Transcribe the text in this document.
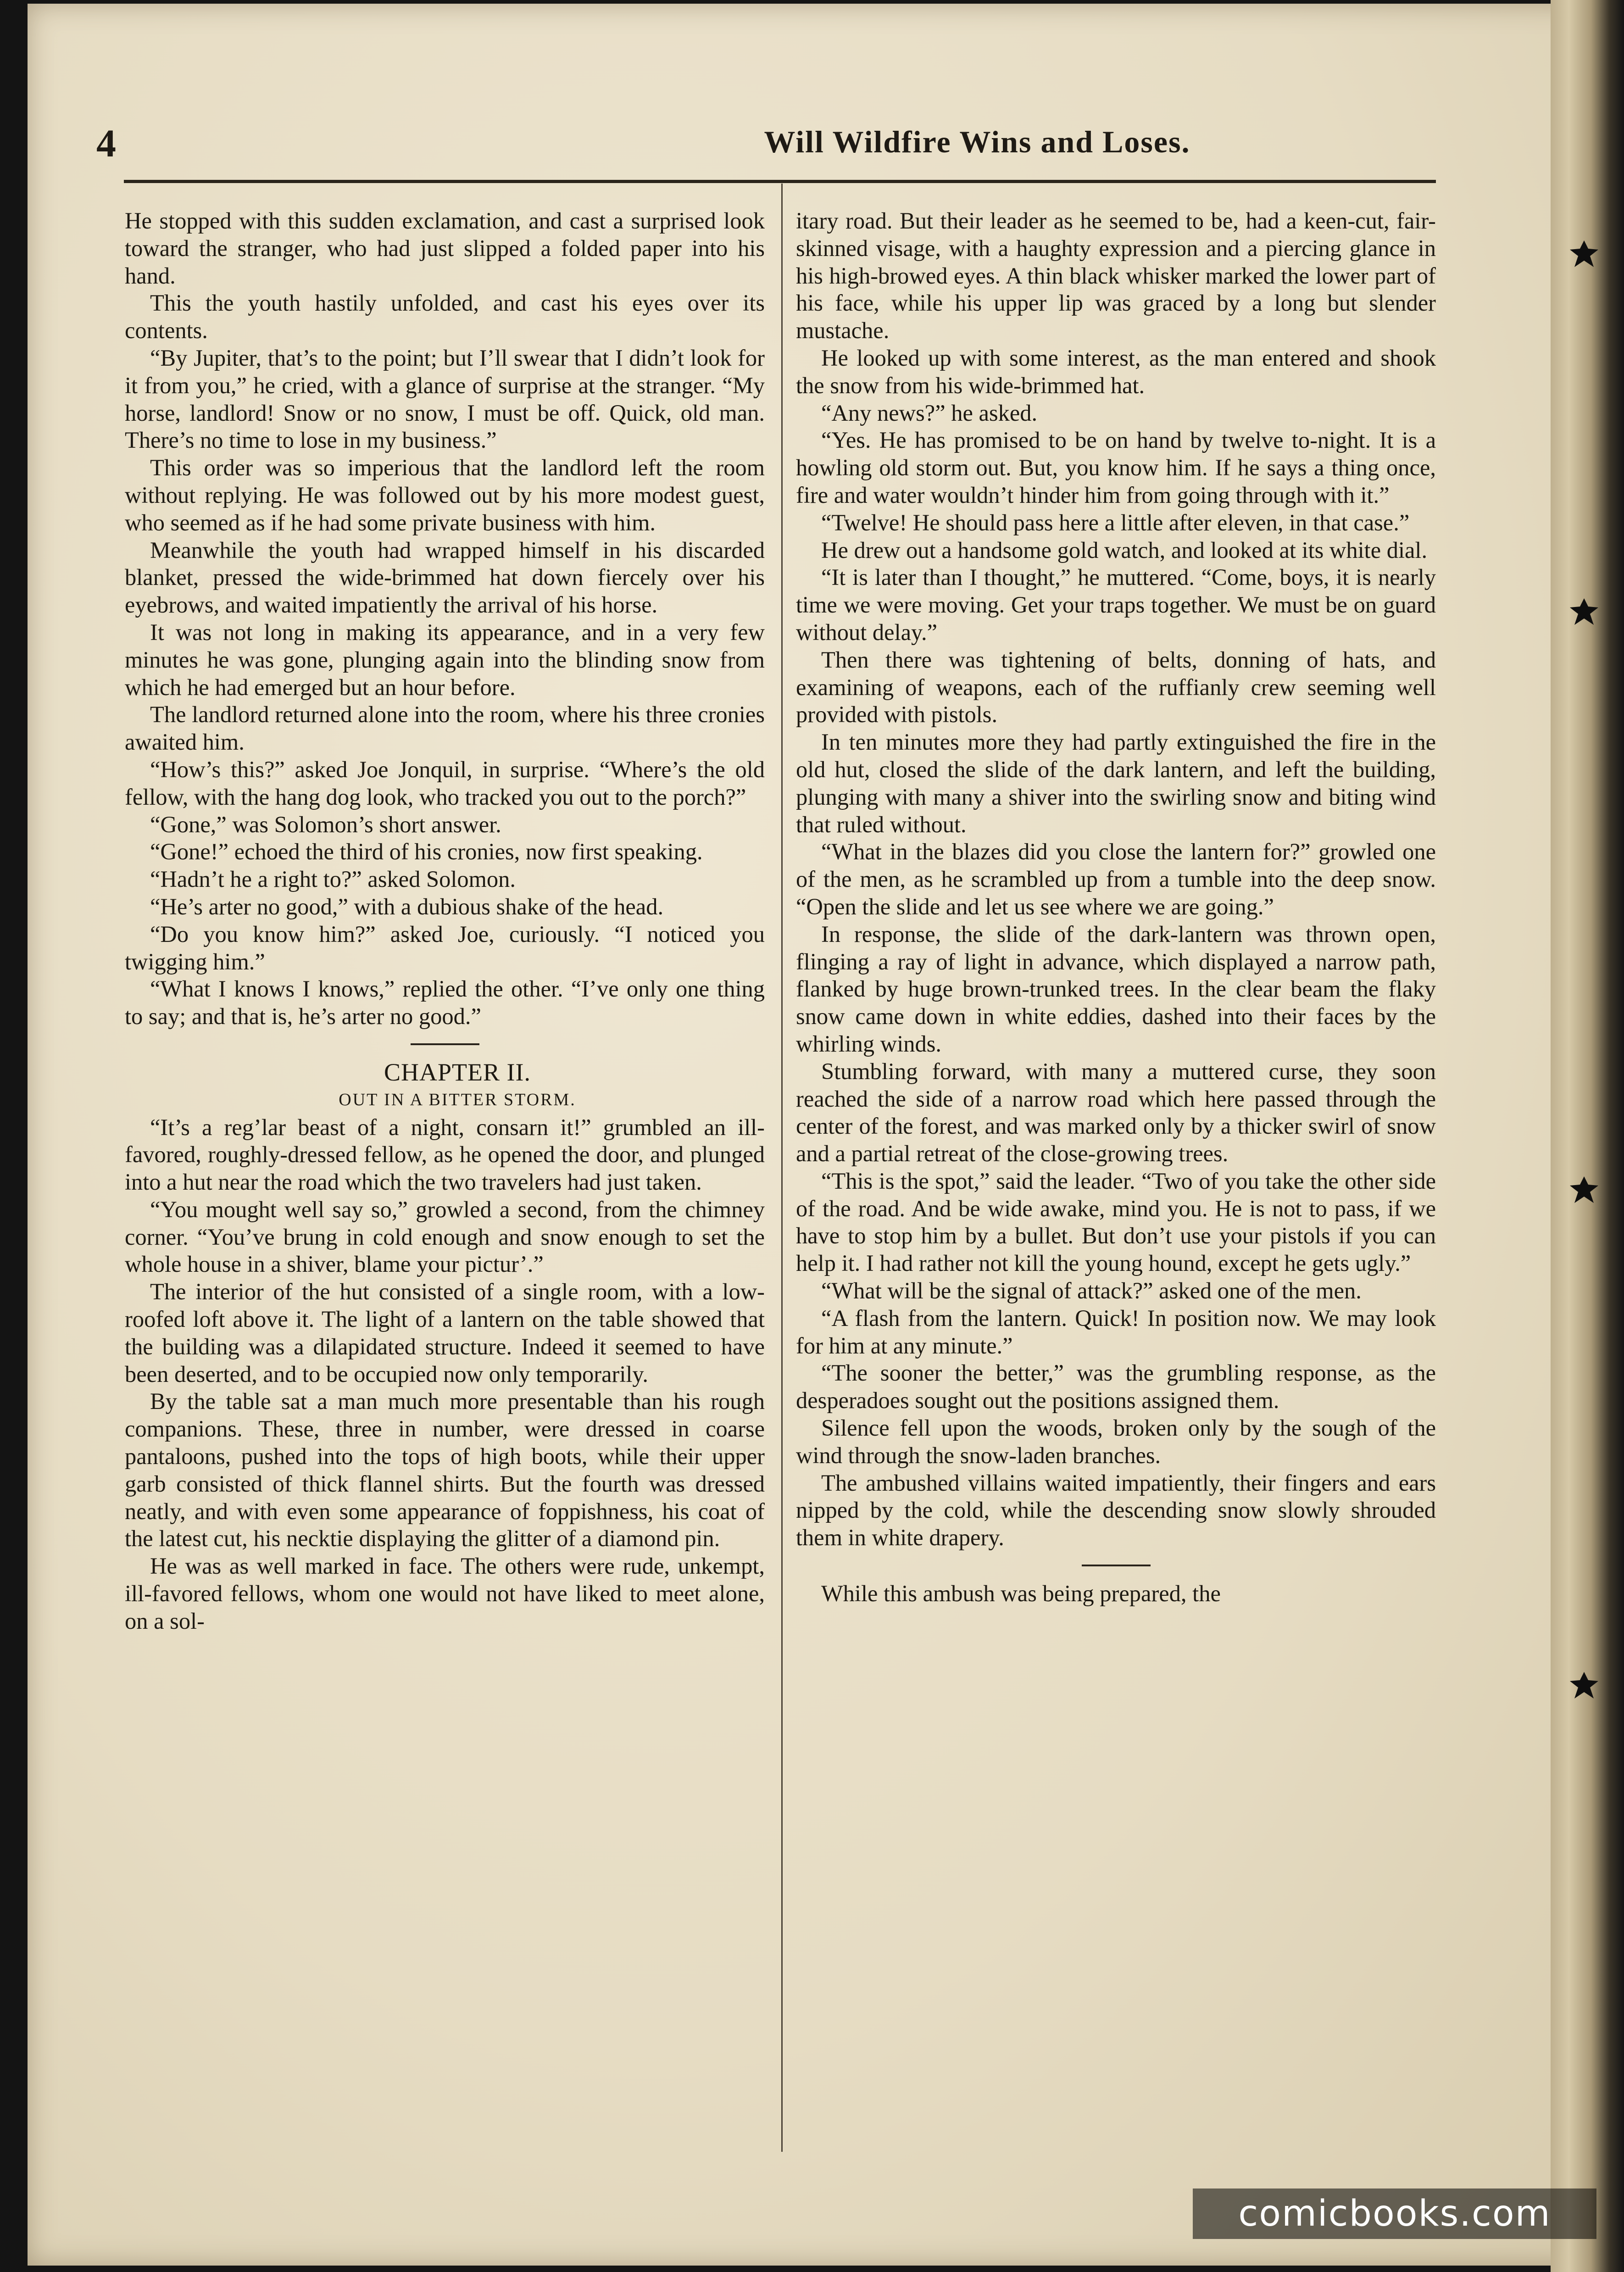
4	Will Wildfire Wins and Loses.

He stopped with this sudden exclamation, and cast a surprised look toward the stranger, who had just slipped a folded paper into his hand.

This the youth hastily unfolded, and cast his eyes over its contents.

“By Jupiter, that’s to the point; but I’ll swear that I didn’t look for it from you,” he cried, with a glance of surprise at the stranger. “My horse, landlord! Snow or no snow, I must be off. Quick, old man. There’s no time to lose in my business.”

This order was so imperious that the landlord left the room without replying. He was followed out by his more modest guest, who seemed as if he had some private business with him.

Meanwhile the youth had wrapped himself in his discarded blanket, pressed the wide-brimmed hat down fiercely over his eyebrows, and waited impatiently the arrival of his horse.

It was not long in making its appearance, and in a very few minutes he was gone, plunging again into the blinding snow from which he had emerged but an hour before.

The landlord returned alone into the room, where his three cronies awaited him.

“How’s this?” asked Joe Jonquil, in surprise. “Where’s the old fellow, with the hang dog look, who tracked you out to the porch?”

“Gone,” was Solomon’s short answer.

“Gone!” echoed the third of his cronies, now first speaking.

“Hadn’t he a right to?” asked Solomon.

“He’s arter no good,” with a dubious shake of the head.

“Do you know him?” asked Joe, curiously. “I noticed you twigging him.”

“What I knows I knows,” replied the other. “I’ve only one thing to say; and that is, he’s arter no good.”

CHAPTER II.

OUT IN A BITTER STORM.

“It’s a reg’lar beast of a night, consarn it!” grumbled an ill-favored, roughly-dressed fellow, as he opened the door, and plunged into a hut near the road which the two travelers had just taken.

“You mought well say so,” growled a second, from the chimney corner. “You’ve brung in cold enough and snow enough to set the whole house in a shiver, blame your pictur’.”

The interior of the hut consisted of a single room, with a low-roofed loft above it. The light of a lantern on the table showed that the building was a dilapidated structure. Indeed it seemed to have been deserted, and to be occupied now only temporarily.

By the table sat a man much more presentable than his rough companions. These, three in number, were dressed in coarse pantaloons, pushed into the tops of high boots, while their upper garb consisted of thick flannel shirts. But the fourth was dressed neatly, and with even some appearance of foppishness, his coat of the latest cut, his necktie displaying the glitter of a diamond pin.

He was as well marked in face. The others were rude, unkempt, ill-favored fellows, whom one would not have liked to meet alone, on a sol-

itary road. But their leader as he seemed to be, had a keen-cut, fair-skinned visage, with a haughty expression and a piercing glance in his high-browed eyes. A thin black whisker marked the lower part of his face, while his upper lip was graced by a long but slender mustache.

He looked up with some interest, as the man entered and shook the snow from his wide-brimmed hat.

“Any news?” he asked.

“Yes. He has promised to be on hand by twelve to-night. It is a howling old storm out. But, you know him. If he says a thing once, fire and water wouldn’t hinder him from going through with it.”

“Twelve! He should pass here a little after eleven, in that case.”

He drew out a handsome gold watch, and looked at its white dial.

“It is later than I thought,” he muttered. “Come, boys, it is nearly time we were moving. Get your traps together. We must be on guard without delay.”

Then there was tightening of belts, donning of hats, and examining of weapons, each of the ruffianly crew seeming well provided with pistols.

In ten minutes more they had partly extinguished the fire in the old hut, closed the slide of the dark lantern, and left the building, plunging with many a shiver into the swirling snow and biting wind that ruled without.

“What in the blazes did you close the lantern for?” growled one of the men, as he scrambled up from a tumble into the deep snow. “Open the slide and let us see where we are going.”

In response, the slide of the dark-lantern was thrown open, flinging a ray of light in advance, which displayed a narrow path, flanked by huge brown-trunked trees. In the clear beam the flaky snow came down in white eddies, dashed into their faces by the whirling winds.

Stumbling forward, with many a muttered curse, they soon reached the side of a narrow road which here passed through the center of the forest, and was marked only by a thicker swirl of snow and a partial retreat of the close-growing trees.

“This is the spot,” said the leader. “Two of you take the other side of the road. And be wide awake, mind you. He is not to pass, if we have to stop him by a bullet. But don’t use your pistols if you can help it. I had rather not kill the young hound, except he gets ugly.”

“What will be the signal of attack?” asked one of the men.

“A flash from the lantern. Quick! In position now. We may look for him at any minute.”

“The sooner the better,” was the grumbling response, as the desperadoes sought out the positions assigned them.

Silence fell upon the woods, broken only by the sough of the wind through the snow-laden branches.

The ambushed villains waited impatiently, their fingers and ears nipped by the cold, while the descending snow slowly shrouded them in white drapery.

While this ambush was being prepared, the

comicbooks.com
